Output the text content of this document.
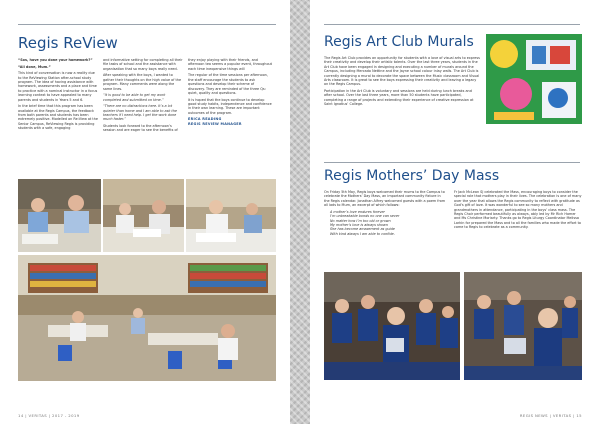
Regis ReView

“Sos, have you done your homework?”

“All done, Mum.”

This kind of conversation is now a reality due to the ReViewing Station after-school study program. The idea of having assistance with homework, assessments and a place and time to practice with a nominal instructor in a focus learning context to have appealed to many parents and students in Years 5 and 6.

In the brief time that this program has been available at the Regis Campus, the feedback from both parents and students has been extremely positive. Modelled on Re:View at the Senior Campus, ReViewing Regis is providing students with a safe, engaging

and informative setting for completing all their file tasks of school and the assistance with organisation that so many boys really need.

After speaking with the boys, I wanted to gather their thoughts on the high value of the program. Many comments were along the same lines.

“It is good to be able to get my work completed and submitted on time.”

“There are no distractions here. It’s a lot quieter than home and I am able to ask the teachers if I need help. I get the work done much faster.”

Students look forward to the afternoon’s session and are eager to see the benefits of

they enjoy playing with their friends, and afternoon tea seems a popular event, throughout each time inexpensive things will

The regular of the time sessions per afternoon, the staff encourage the students to ask questions and develop their scheme of discovery. They are reminded of the three Qs: quiet, quality and questions.

It is hoped that the boys continue to develop good study habits, independence and confidence in their own learning. These are important outcomes of the program.

ERICA READING

REGIS REVIEW MANAGER

14 | VERITAS | 2017 - 2019
Regis Art Club Murals

The Regis Art Club provides an opportunity for students with a love of visual arts to express their creativity and develop their artistic talents. Over the last three years, students in the Art Club have been engaged in designing and executing a number of murals around the Campus, including Mercado Nettine and the Jayne school colour inlay walls. The Art Club is currently designing a mural to decorate the space between the Music classroom and Visual Arts classroom. It is great to see the boys expressing their creativity and leaving a legacy on the Regis Campus.

Participation in the Art Club is voluntary and sessions are held during lunch breaks and after school. Over the last three years, more than 50 students have participated, completing a range of projects and extending their experience of creative expression at Saint Ignatius’ College.

Regis Mothers’ Day Mass

On Friday 5th May, Regis boys welcomed their mums to the Campus to celebrate the Mothers’ Day Mass, an important community fixture in the Regis calendar. Jonathan Alfrey welcomed guests with a poem from all lads to Mum, an excerpt of which follows:

A mother’s love endures forever
I’m unbreakable bonds no one can sever
No matter how I’m too old or grown
My mother’s love is always shown
She has become amazement as guide
With kind always I am able to confide.

Fr Jack McLean SJ celebrated the Mass, encouraging boys to consider the special role that mothers play in their lives. The celebration is one of many over the year that allows the Regis community to reflect with gratitude as God’s gift of love. It was wonderful to see so many mothers and grandmothers in attendance, participating in the boys’ class mass. The Regis Choir performed beautifully as always, ably led by Mr Rich Homer and Ms Christine Moriarty. Thanks go to Regis Liturgy Coordinator Melissa Larkin for prepared the Mass and to all the families who made the effort to come to Regis to celebrate as a community.

REGIS NEWS | VERITAS | 15
